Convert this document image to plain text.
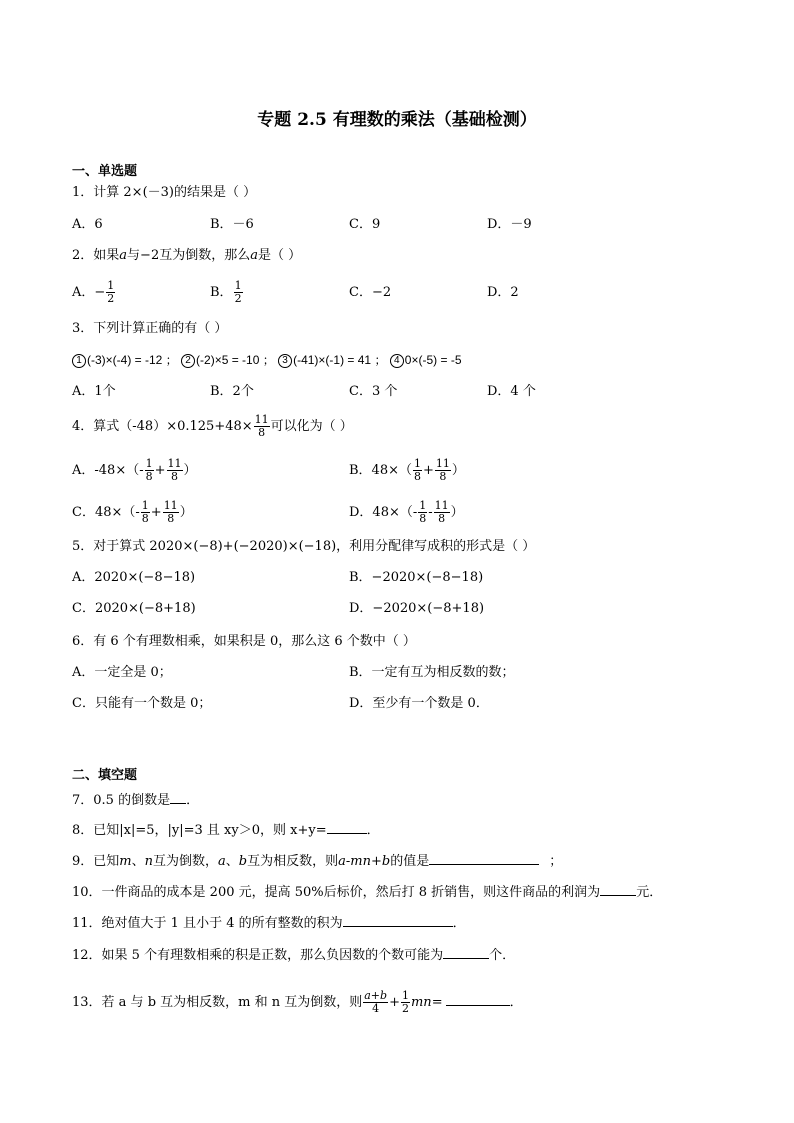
专题 2.5 有理数的乘法（基础检测）
一、单选题
1．计算 2×(－3)的结果是（ ）
A．6	B．－6	C．9	D．－9
2．如果a与−2互为倒数，那么a是（ ）
A．− $\frac{1}{2}$	B． $\frac{1}{2}$	C．−2	D．2
3．下列计算正确的有（ ）
1 (-3)×(-4) = -12 ； 2 (-2)×5 = -10 ； 3 (-41)×(-1) = 41 ； 4 0×(-5) = -5
A．1个	B．2个	C．3 个	D．4 个
4．算式$(-48)\times 0.125+48\times \frac{11}{8}$ 可以化为（ ）
A．$-48\times(- \frac{1}{8} + \frac{11}{8}$ ）	B．$48\times( \frac{1}{8} + \frac{11}{8}$ ）
C．$48\times(- \frac{1}{8} + \frac{11}{8}$ ）	D．$48\times(- \frac{1}{8} - \frac{11}{8}$ ）
5．对于算式 2020×(−8)+(−2020)×(−18)，利用分配律写成积的形式是（ ）
A．2020×(−8−18)	B．−2020×(−8−18)
C．2020×(−8+18)	D．−2020×(−8+18)
6．有 6 个有理数相乘，如果积是 0，那么这 6 个数中（ ）
A．一定全是 0；	B．一定有互为相反数的数；
C．只能有一个数是 0；	D．至少有一个数是 0．
二、填空题
7．0.5 的倒数是 ．
8．已知|x|=5，|y|=3 且 xy＞0，则 x+y=	．
9．已知m、n互为倒数，a、b互为相反数，则a-mn+b的值是	；
10．一件商品的成本是 200 元，提高 50%后标价，然后打 8 折销售，则这件商品的利润为	元．
11．绝对值大于 1 且小于 4 的所有整数的积为	．
12．如果 5 个有理数相乘的积是正数，那么负因数的个数可能为	个．
13．若 a 与 b 互为相反数，m 和 n 互为倒数，则 $\frac{a+b}{4} + \frac{1}{2} mn=$	．
